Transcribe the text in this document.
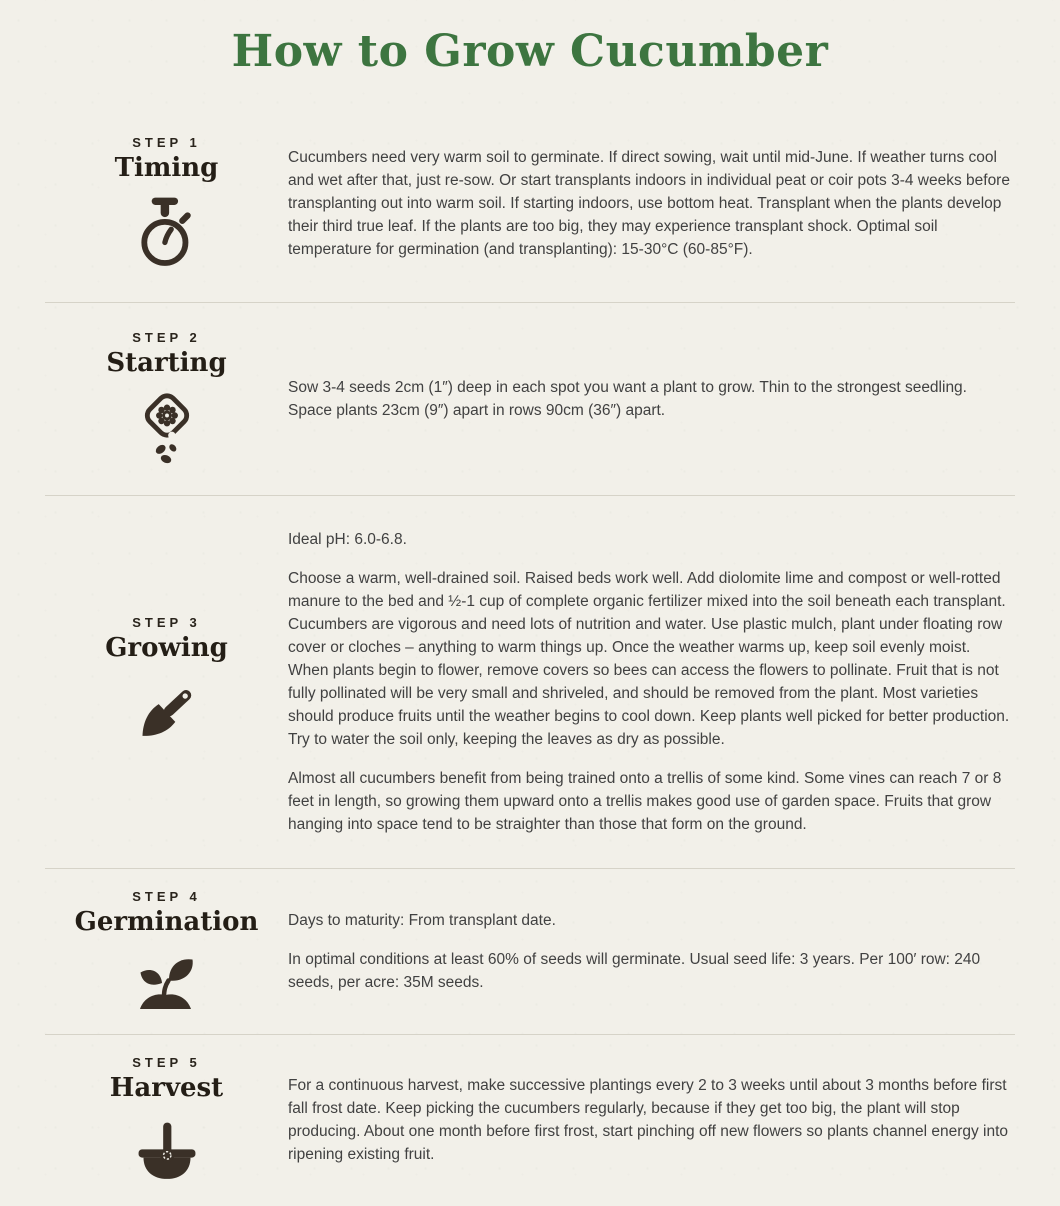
How to Grow Cucumber
STEP 1
Timing	Cucumbers need very warm soil to germinate. If direct sowing, wait until mid-June. If weather turns cool and wet after that, just re-sow. Or start transplants indoors in individual peat or coir pots 3-4 weeks before transplanting out into warm soil. If starting indoors, use bottom heat. Transplant when the plants develop their third true leaf. If the plants are too big, they may experience transplant shock. Optimal soil temperature for germination (and transplanting): 15-30°C (60-85°F).

STEP 2
Starting

Sow 3-4 seeds 2cm (1″) deep in each spot you want a plant to grow. Thin to the strongest seedling. Space plants 23cm (9″) apart in rows 90cm (36″) apart.

STEP 3
Growing

Ideal pH: 6.0-6.8.

Choose a warm, well-drained soil. Raised beds work well. Add diolomite lime and compost or well-rotted manure to the bed and ½-1 cup of complete organic fertilizer mixed into the soil beneath each transplant. Cucumbers are vigorous and need lots of nutrition and water. Use plastic mulch, plant under floating row cover or cloches – anything to warm things up. Once the weather warms up, keep soil evenly moist. When plants begin to flower, remove covers so bees can access the flowers to pollinate. Fruit that is not fully pollinated will be very small and shriveled, and should be removed from the plant. Most varieties should produce fruits until the weather begins to cool down. Keep plants well picked for better production. Try to water the soil only, keeping the leaves as dry as possible.

Almost all cucumbers benefit from being trained onto a trellis of some kind. Some vines can reach 7 or 8 feet in length, so growing them upward onto a trellis makes good use of garden space. Fruits that grow hanging into space tend to be straighter than those that form on the ground.

STEP 4
Germination	Days to maturity: From transplant date.

In optimal conditions at least 60% of seeds will germinate. Usual seed life: 3 years. Per 100′ row: 240 seeds, per acre: 35M seeds.

STEP 5
Harvest	For a continuous harvest, make successive plantings every 2 to 3 weeks until about 3 months before first fall frost date. Keep picking the cucumbers regularly, because if they get too big, the plant will stop producing. About one month before first frost, start pinching off new flowers so plants channel energy into ripening existing fruit.
